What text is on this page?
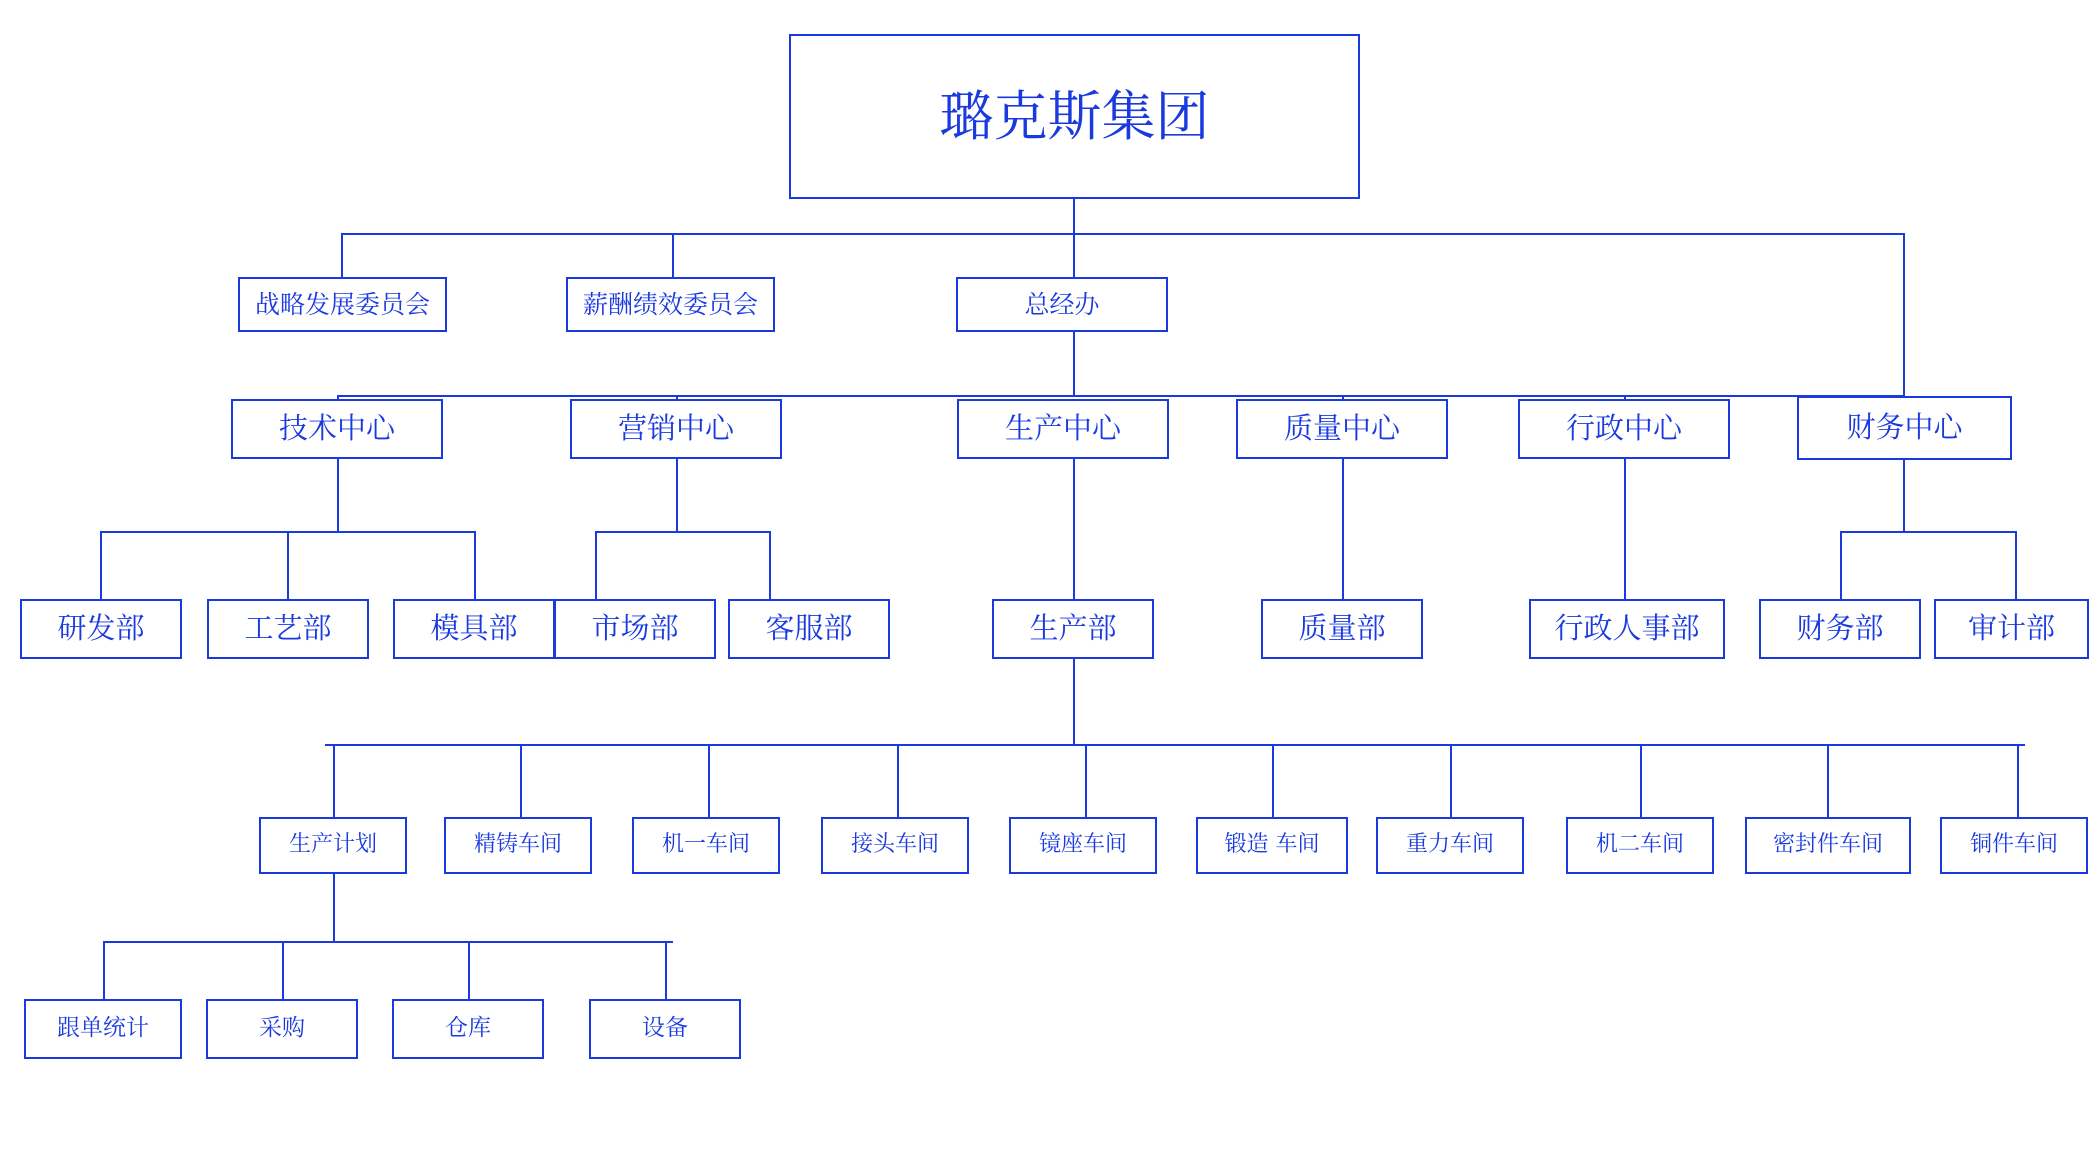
璐克斯集团
战略发展委员会	薪酬绩效委员会	总经办
技术中心	营销中心	生产中心	质量中心	行政中心	财务中心
研发部	工艺部	模具部	市场部	客服部	生产部	质量部	行政人事部	财务部	审计部
生产计划	精铸车间	机一车间	接头车间	镜座车间	锻造 车间	重力车间	机二车间	密封件车间	铜件车间
跟单统计	采购	仓库	设备
